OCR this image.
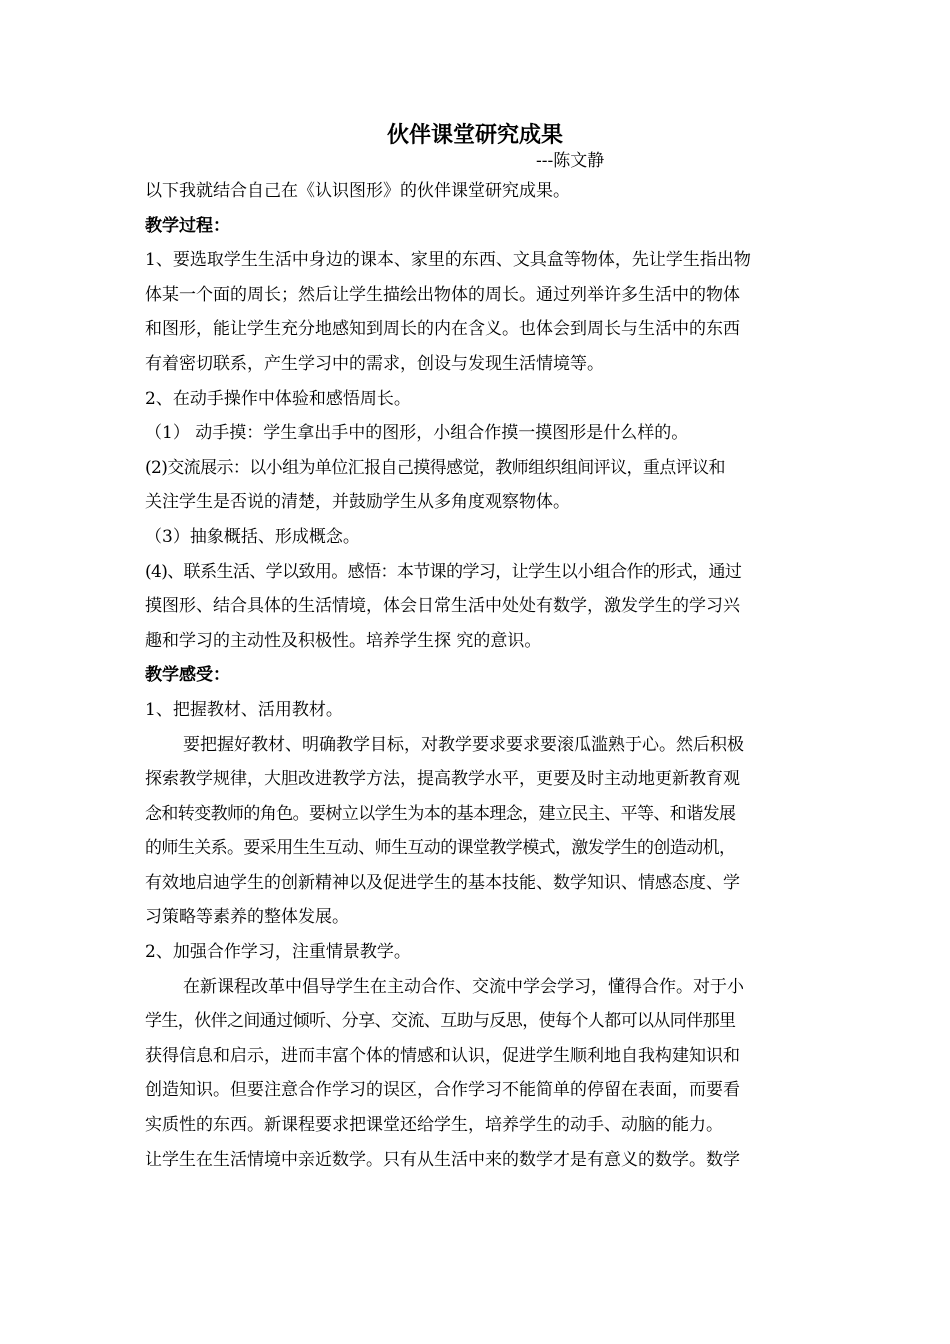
伙伴课堂研究成果
---陈文静
以下我就结合自己在《认识图形》的伙伴课堂研究成果。
教学过程：
1、要选取学生生活中身边的课本、家里的东西、文具盒等物体，先让学生指出物
体某一个面的周长；然后让学生描绘出物体的周长。通过列举许多生活中的物体
和图形，能让学生充分地感知到周长的内在含义。也体会到周长与生活中的东西
有着密切联系，产生学习中的需求，创设与发现生活情境等。
2、在动手操作中体验和感悟周长。
（1） 动手摸：学生拿出手中的图形，小组合作摸一摸图形是什么样的。
(2)交流展示：以小组为单位汇报自己摸得感觉，教师组织组间评议，重点评议和
关注学生是否说的清楚，并鼓励学生从多角度观察物体。
（3）抽象概括、形成概念。
(4)、联系生活、学以致用。感悟：本节课的学习，让学生以小组合作的形式，通过
摸图形、结合具体的生活情境，体会日常生活中处处有数学，激发学生的学习兴
趣和学习的主动性及积极性。培养学生探 究的意识。
教学感受：
1、把握教材、活用教材。
要把握好教材、明确教学目标，对教学要求要求要滚瓜滥熟于心。然后积极
探索教学规律，大胆改进教学方法，提高教学水平，更要及时主动地更新教育观
念和转变教师的角色。要树立以学生为本的基本理念，建立民主、平等、和谐发展
的师生关系。要采用生生互动、师生互动的课堂教学模式，激发学生的创造动机，
有效地启迪学生的创新精神以及促进学生的基本技能、数学知识、情感态度、学
习策略等素养的整体发展。
2、加强合作学习，注重情景教学。
在新课程改革中倡导学生在主动合作、交流中学会学习，懂得合作。对于小
学生，伙伴之间通过倾听、分享、交流、互助与反思，使每个人都可以从同伴那里
获得信息和启示，进而丰富个体的情感和认识，促进学生顺利地自我构建知识和
创造知识。但要注意合作学习的误区，合作学习不能简单的停留在表面，而要看
实质性的东西。新课程要求把课堂还给学生，培养学生的动手、动脑的能力。
让学生在生活情境中亲近数学。只有从生活中来的数学才是有意义的数学。数学
